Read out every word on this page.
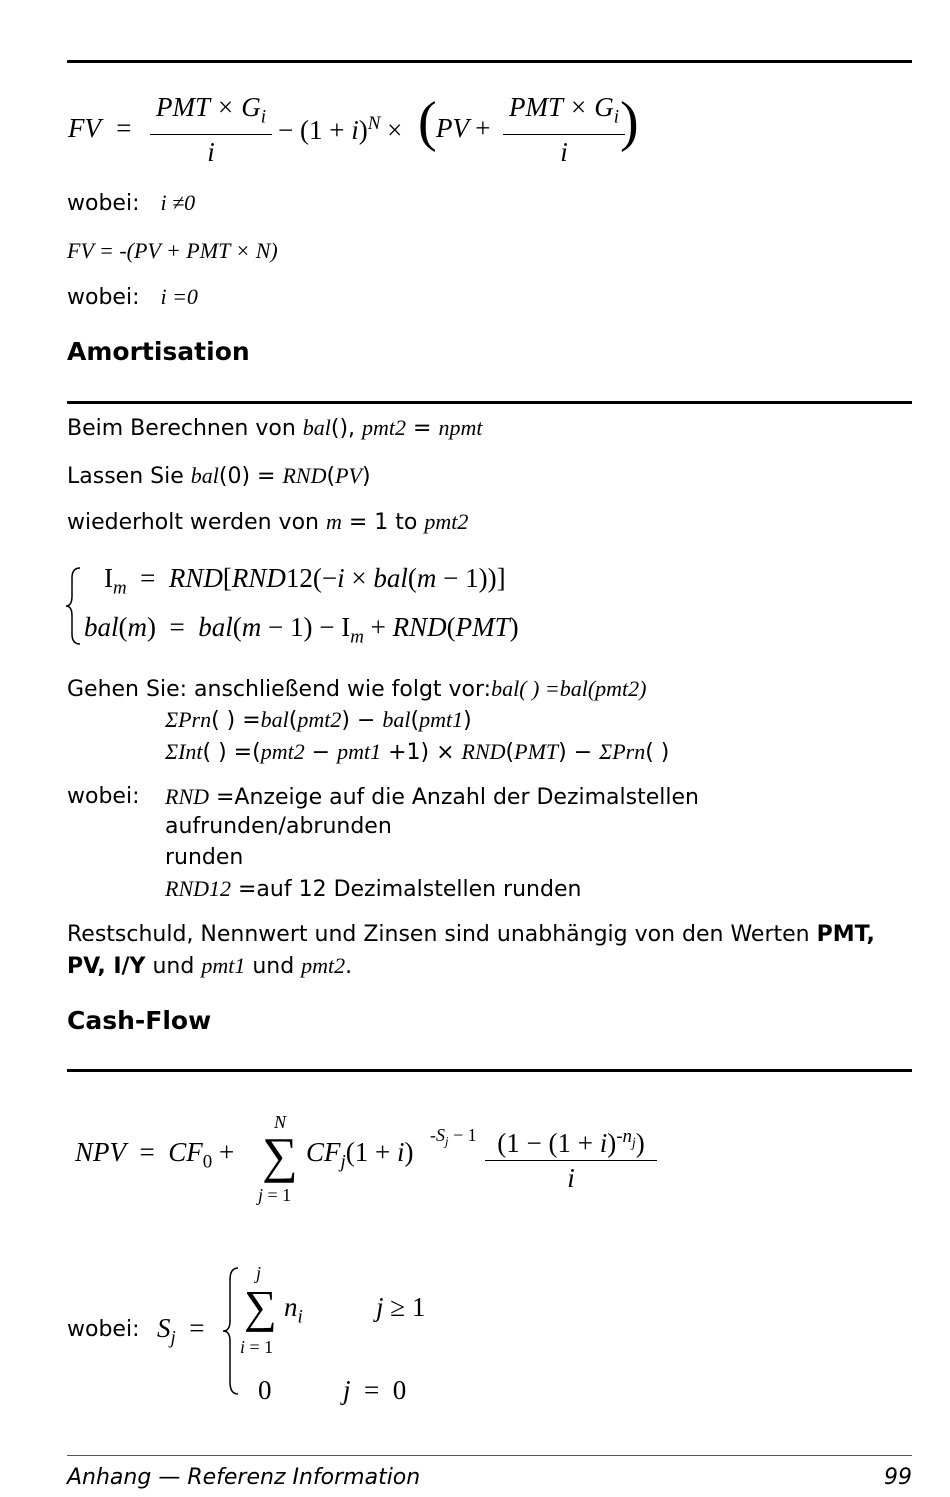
FV  =
PMT × $G_i$
i
− $(1 + i)^N$ × ( PV +
PMT × $G_i$
i )
wobei: i ≠0
FV = -(PV + PMT × N)
wobei: i =0
Amortisation
Beim Berechnen von bal(), pmt2 = npmt
Lassen Sie bal(0) = RND(PV)
wiederholt werden von m = 1 to pmt2
$I_m = RND[RND12(-i \times bal(m - 1))]$
$bal(m) = bal(m - 1) - I_m + RND(PMT)$
Gehen Sie: anschließend wie folgt vor:bal( ) =bal(pmt2)
ΣPrn( ) =bal(pmt2) − bal(pmt1)
ΣInt( ) =(pmt2 − pmt1 +1) × RND(PMT) − ΣPrn( )
wobei: RND =Anzeige auf die Anzahl der Dezimalstellen
aufrunden/abrunden
runden
RND12 =auf 12 Dezimalstellen runden
Restschuld, Nennwert und Zinsen sind unabhängig von den Werten PMT,
PV, I/Y und pmt1 und pmt2.
Cash-Flow
NPV  =  $CF_0$ +
N
∑
j = 1
$CF_j(1 + i)$
$-S_j - 1 \frac{(1 - (1 + i)^{-n_j})}{i}$
wobei: $S_j$ =
j
∑
i = 1
$n_i$	j ≥ 1
0	j  = 0
Anhang — Referenz Information	99
